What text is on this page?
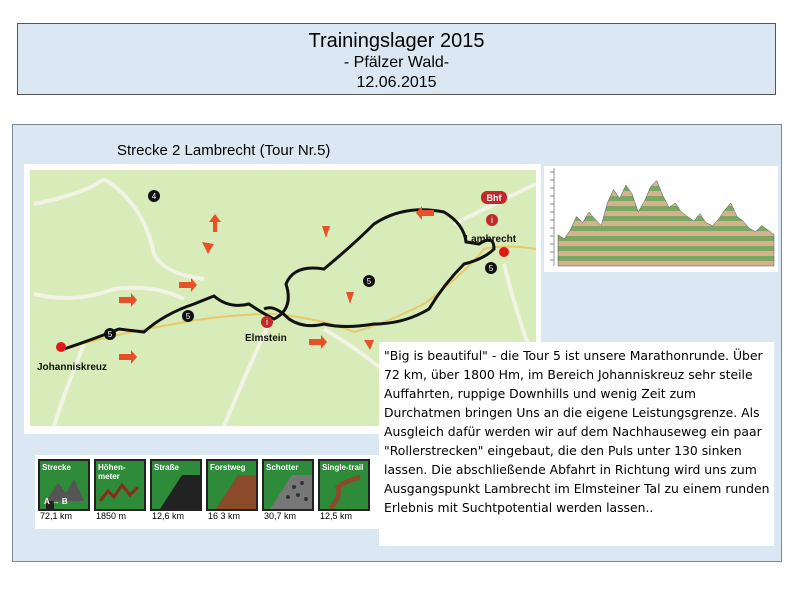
Trainingslager 2015
- Pfälzer Wald-
12.06.2015
Strecke 2 Lambrecht (Tour Nr.5)
4
5
5
5
5
Bhf
i
i
Lambrecht
Elmstein
Johanniskreuz
Strecke
A → B
72,1 km
Höhen-meter
1850 m
Straße
12,6 km
Forstweg
16 3 km
Schotter
30,7 km
Single-trail
12,5 km
"Big is beautiful" - die Tour 5 ist unsere Marathonrunde. Über 72 km, über 1800 Hm, im Bereich Johanniskreuz sehr steile Auffahrten, ruppige Downhills und wenig Zeit zum Durchatmen bringen Uns an die eigene Leistungsgrenze. Als Ausgleich dafür werden wir auf dem Nachhauseweg ein paar "Rollerstrecken" eingebaut, die den Puls unter 130 sinken lassen. Die abschließende Abfahrt in Richtung wird uns zum Ausgangspunkt Lambrecht im Elmsteiner Tal zu einem runden Erlebnis mit Suchtpotential werden lassen..
